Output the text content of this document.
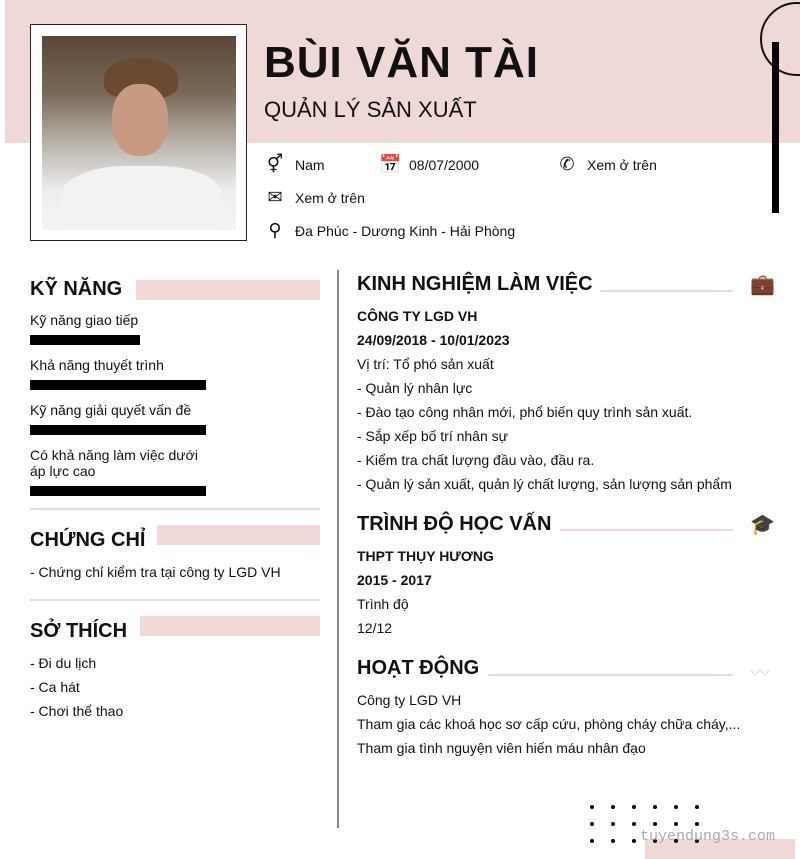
BÙI VĂN TÀI
QUẢN LÝ SẢN XUẤT
⚥ Nam	📅 08/07/2000	✆ Xem ở trên
✉ Xem ở trên
⚲ Đa Phúc - Dương Kinh - Hải Phòng
KỸ NĂNG
Kỹ năng giao tiếp
Khả năng thuyết trình
Kỹ năng giải quyết vấn đề
Có khả năng làm việc dưới áp lực cao
CHỨNG CHỈ
- Chứng chỉ kiểm tra tại công ty LGD VH
SỞ THÍCH
- Đi du lịch
- Ca hát
- Chơi thể thao
KINH NGHIỆM LÀM VIỆC	💼
CÔNG TY LGD VH
24/09/2018 - 10/01/2023
Vị trí: Tổ phó sản xuất
- Quản lý nhân lực
- Đào tạo công nhân mới, phổ biến quy trình sản xuất.
- Sắp xếp bố trí nhân sự
- Kiểm tra chất lượng đầu vào, đầu ra.
- Quản lý sản xuất, quản lý chất lượng, sản lượng sản phẩm
TRÌNH ĐỘ HỌC VẤN	🎓
THPT THỤY HƯƠNG
2015 - 2017
Trình độ
12/12
HOẠT ĐỘNG	〰
Công ty LGD VH
Tham gia các khoá học sơ cấp cứu, phòng cháy chữa cháy,...
Tham gia tình nguyện viên hiến máu nhân đạo
tuyendung3s.com
